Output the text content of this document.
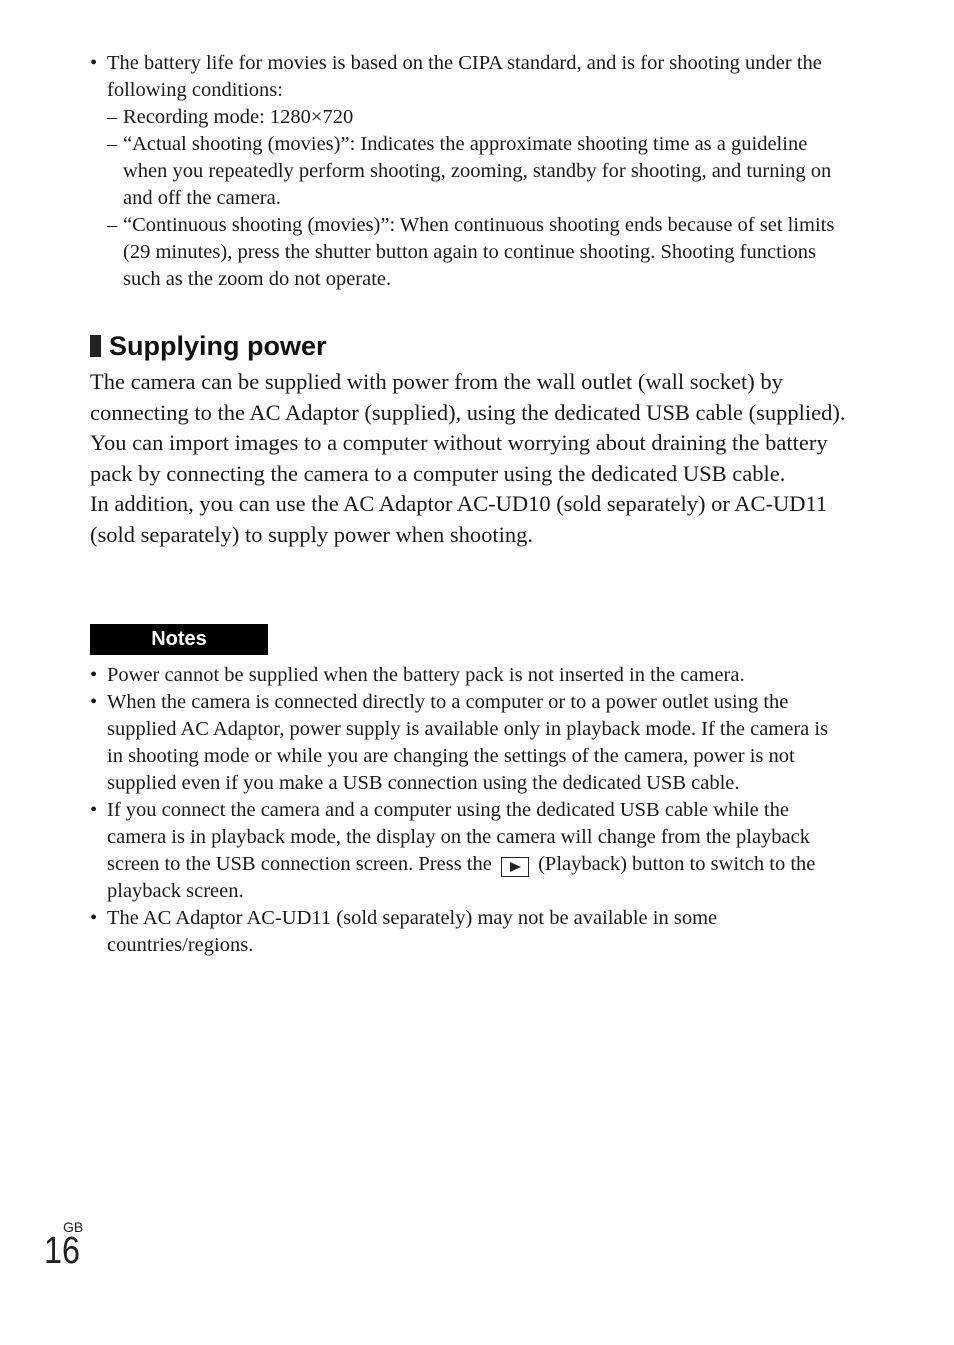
• The battery life for movies is based on the CIPA standard, and is for shooting under the following conditions:
– Recording mode: 1280×720
– “Actual shooting (movies)”: Indicates the approximate shooting time as a guideline when you repeatedly perform shooting, zooming, standby for shooting, and turning on and off the camera.
– “Continuous shooting (movies)”: When continuous shooting ends because of set limits (29 minutes), press the shutter button again to continue shooting. Shooting functions such as the zoom do not operate.
Supplying power

The camera can be supplied with power from the wall outlet (wall socket) by connecting to the AC Adaptor (supplied), using the dedicated USB cable (supplied).

You can import images to a computer without worrying about draining the battery pack by connecting the camera to a computer using the dedicated USB cable.

In addition, you can use the AC Adaptor AC-UD10 (sold separately) or AC-UD11 (sold separately) to supply power when shooting.

Notes
• Power cannot be supplied when the battery pack is not inserted in the camera.
• When the camera is connected directly to a computer or to a power outlet using the supplied AC Adaptor, power supply is available only in playback mode. If the camera is in shooting mode or while you are changing the settings of the camera, power is not supplied even if you make a USB connection using the dedicated USB cable.
• If you connect the camera and a computer using the dedicated USB cable while the camera is in playback mode, the display on the camera will change from the playback screen to the USB connection screen. Press the (Playback) button to switch to the playback screen.
• The AC Adaptor AC-UD11 (sold separately) may not be available in some countries/regions.
GB
16
